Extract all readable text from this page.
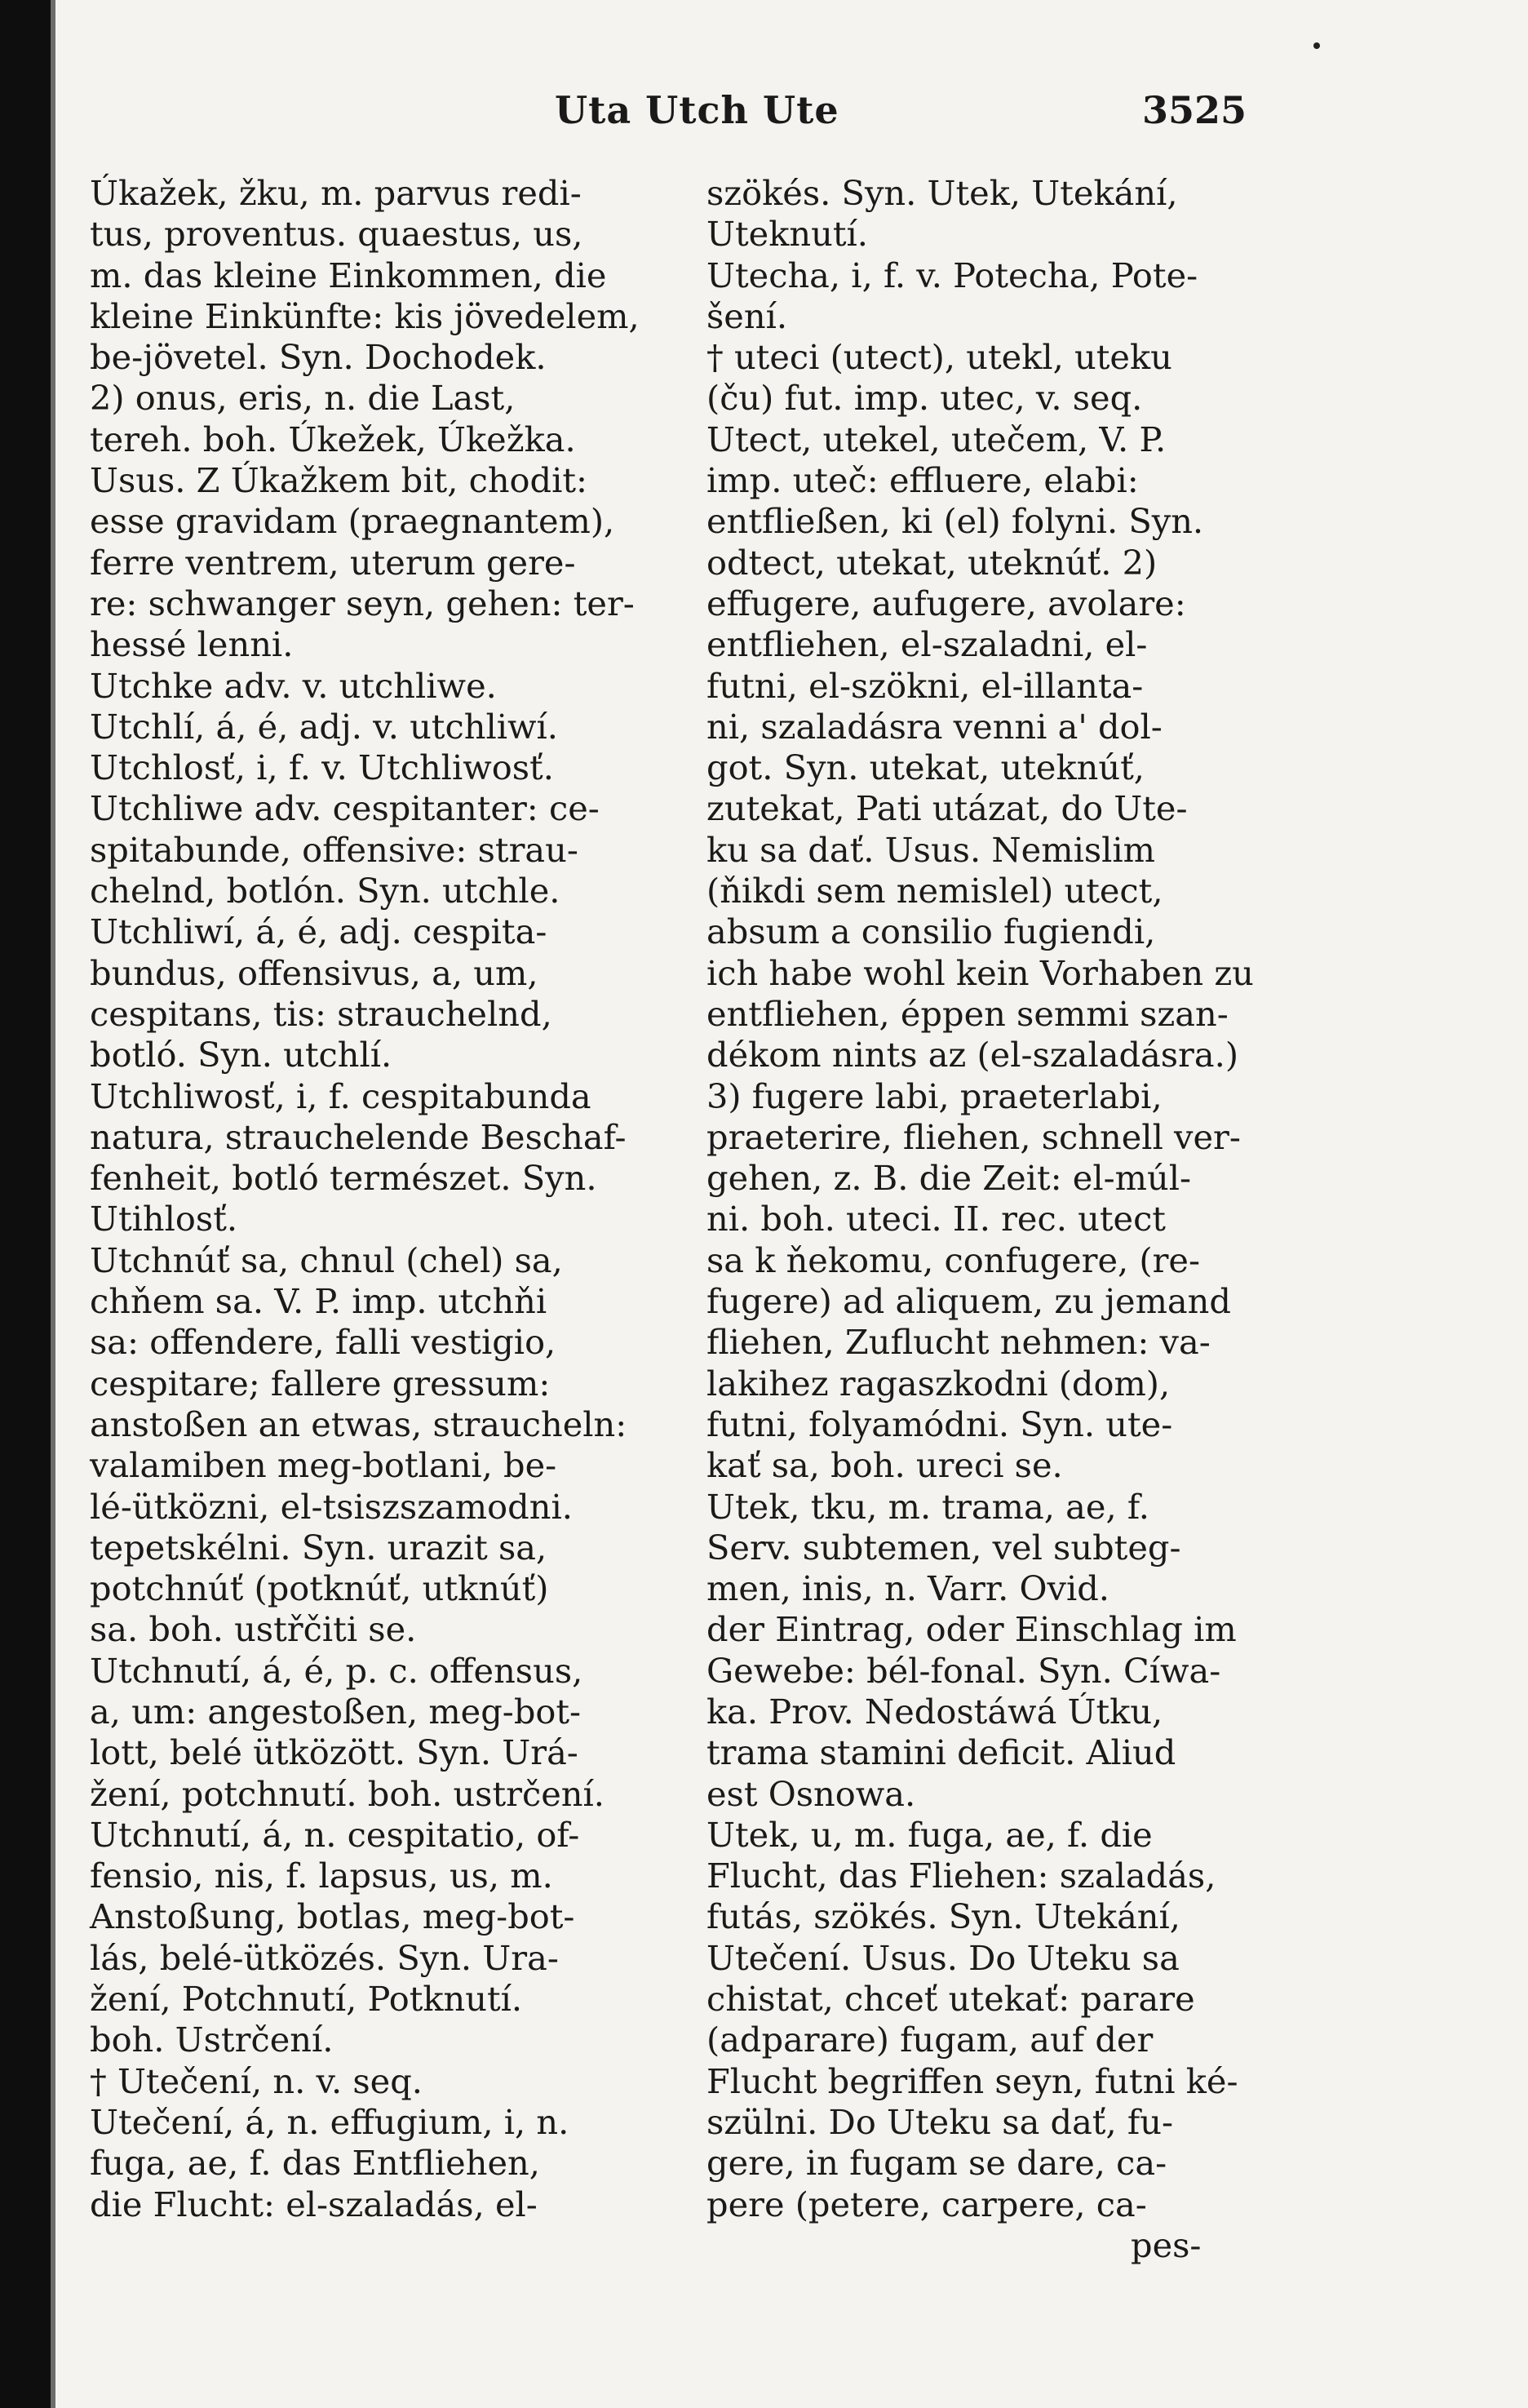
Uta Utch Ute	3525
Úkažek, žku, m. parvus redi-
tus, proventus. quaestus, us,
m. das kleine Einkommen, die
kleine Einkünfte: kis jövedelem,
be-jövetel. Syn. Dochodek.
2) onus, eris, n. die Last,
tereh. boh. Úkežek, Úkežka.
Usus. Z Úkažkem bit, chodit:
esse gravidam (praegnantem),
ferre ventrem, uterum gere-
re: schwanger seyn, gehen: ter-
hessé lenni.
Utchke adv. v. utchliwe.
Utchlí, á, é, adj. v. utchliwí.
Utchlosť, i, f. v. Utchliwosť.
Utchliwe adv. cespitanter: ce-
spitabunde, offensive: strau-
chelnd, botlón. Syn. utchle.
Utchliwí, á, é, adj. cespita-
bundus, offensivus, a, um,
cespitans, tis: strauchelnd,
botló. Syn. utchlí.
Utchliwosť, i, f. cespitabunda
natura, strauchelende Beschaf-
fenheit, botló természet. Syn.
Utihlosť.
Utchnúť sa, chnul (chel) sa,
chňem sa. V. P. imp. utchňi
sa: offendere, falli vestigio,
cespitare; fallere gressum:
anstoßen an etwas, straucheln:
valamiben meg-botlani, be-
lé-ütközni, el-tsiszszamodni.
tepetskélni. Syn. urazit sa,
potchnúť (potknúť, utknúť)
sa. boh. ustřčiti se.
Utchnutí, á, é, p. c. offensus,
a, um: angestoßen, meg-bot-
lott, belé ütközött. Syn. Urá-
žení, potchnutí. boh. ustrčení.
Utchnutí, á, n. cespitatio, of-
fensio, nis, f. lapsus, us, m.
Anstoßung, botlas, meg-bot-
lás, belé-ütközés. Syn. Ura-
žení, Potchnutí, Potknutí.
boh. Ustrčení.
† Utečení, n. v. seq.
Utečení, á, n. effugium, i, n.
fuga, ae, f. das Entfliehen,
die Flucht: el-szaladás, el-
szökés. Syn. Utek, Utekání,
Uteknutí.
Utecha, i, f. v. Potecha, Pote-
šení.
† uteci (utect), utekl, uteku
(ču) fut. imp. utec, v. seq.
Utect, utekel, utečem, V. P.
imp. uteč: effluere, elabi:
entfließen, ki (el) folyni. Syn.
odtect, utekat, uteknúť. 2)
effugere, aufugere, avolare:
entfliehen, el-szaladni, el-
futni, el-szökni, el-illanta-
ni, szaladásra venni a' dol-
got. Syn. utekat, uteknúť,
zutekat, Pati utázat, do Ute-
ku sa dať. Usus. Nemislim
(ňikdi sem nemislel) utect,
absum a consilio fugiendi,
ich habe wohl kein Vorhaben zu
entfliehen, éppen semmi szan-
dékom nints az (el-szaladásra.)
3) fugere labi, praeterlabi,
praeterire, fliehen, schnell ver-
gehen, z. B. die Zeit: el-múl-
ni. boh. uteci. II. rec. utect
sa k ňekomu, confugere, (re-
fugere) ad aliquem, zu jemand
fliehen, Zuflucht nehmen: va-
lakihez ragaszkodni (dom),
futni, folyamódni. Syn. ute-
kať sa, boh. ureci se.
Utek, tku, m. trama, ae, f.
Serv. subtemen, vel subteg-
men, inis, n. Varr. Ovid.
der Eintrag, oder Einschlag im
Gewebe: bél-fonal. Syn. Cíwa-
ka. Prov. Nedostáwá Útku,
trama stamini deficit. Aliud
est Osnowa.
Utek, u, m. fuga, ae, f. die
Flucht, das Fliehen: szaladás,
futás, szökés. Syn. Utekání,
Utečení. Usus. Do Uteku sa
chistat, chceť utekať: parare
(adparare) fugam, auf der
Flucht begriffen seyn, futni ké-
szülni. Do Uteku sa dať, fu-
gere, in fugam se dare, ca-
pere (petere, carpere, ca-
pes-
